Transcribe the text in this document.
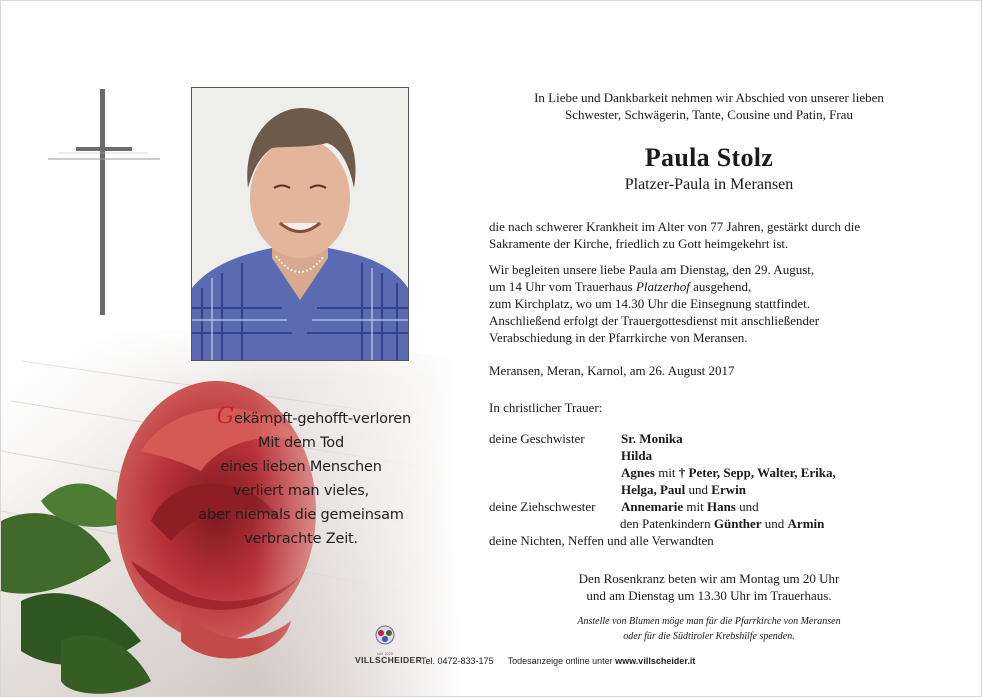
Gekämpft-gehofft-verloren
Mit dem Tod
eines lieben Menschen
verliert man vieles,
aber niemals die gemeinsam
verbrachte Zeit.
In Liebe und Dankbarkeit nehmen wir Abschied von unserer lieben
Schwester, Schwägerin, Tante, Cousine und Patin, Frau
Paula Stolz
Platzer-Paula in Meransen
die nach schwerer Krankheit im Alter von 77 Jahren, gestärkt durch die
Sakramente der Kirche, friedlich zu Gott heimgekehrt ist.
Wir begleiten unsere liebe Paula am Dienstag, den 29. August,
um 14 Uhr vom Trauerhaus Platzerhof ausgehend,
zum Kirchplatz, wo um 14.30 Uhr die Einsegnung stattfindet.
Anschließend erfolgt der Trauergottesdienst mit anschließender
Verabschiedung in der Pfarrkirche von Meransen.
Meransen, Meran, Karnol, am 26. August 2017
In christlicher Trauer:
deine Geschwister	Sr. Monika
Hilda
Agnes mit † Peter, Sepp, Walter, Erika,
Helga, Paul und Erwin
deine Ziehschwester Annemarie mit Hans und
den Patenkindern Günther und Armin
deine Nichten, Neffen und alle Verwandten
Den Rosenkranz beten wir am Montag um 20 Uhr
und am Dienstag um 13.30 Uhr im Trauerhaus.
Anstelle von Blumen möge man für die Pfarrkirche von Meransen
oder für die Südtiroler Krebshilfe spenden.
seit 1925
VILLSCHEIDER
Tel. 0472-833-175 Todesanzeige online unter www.villscheider.it
